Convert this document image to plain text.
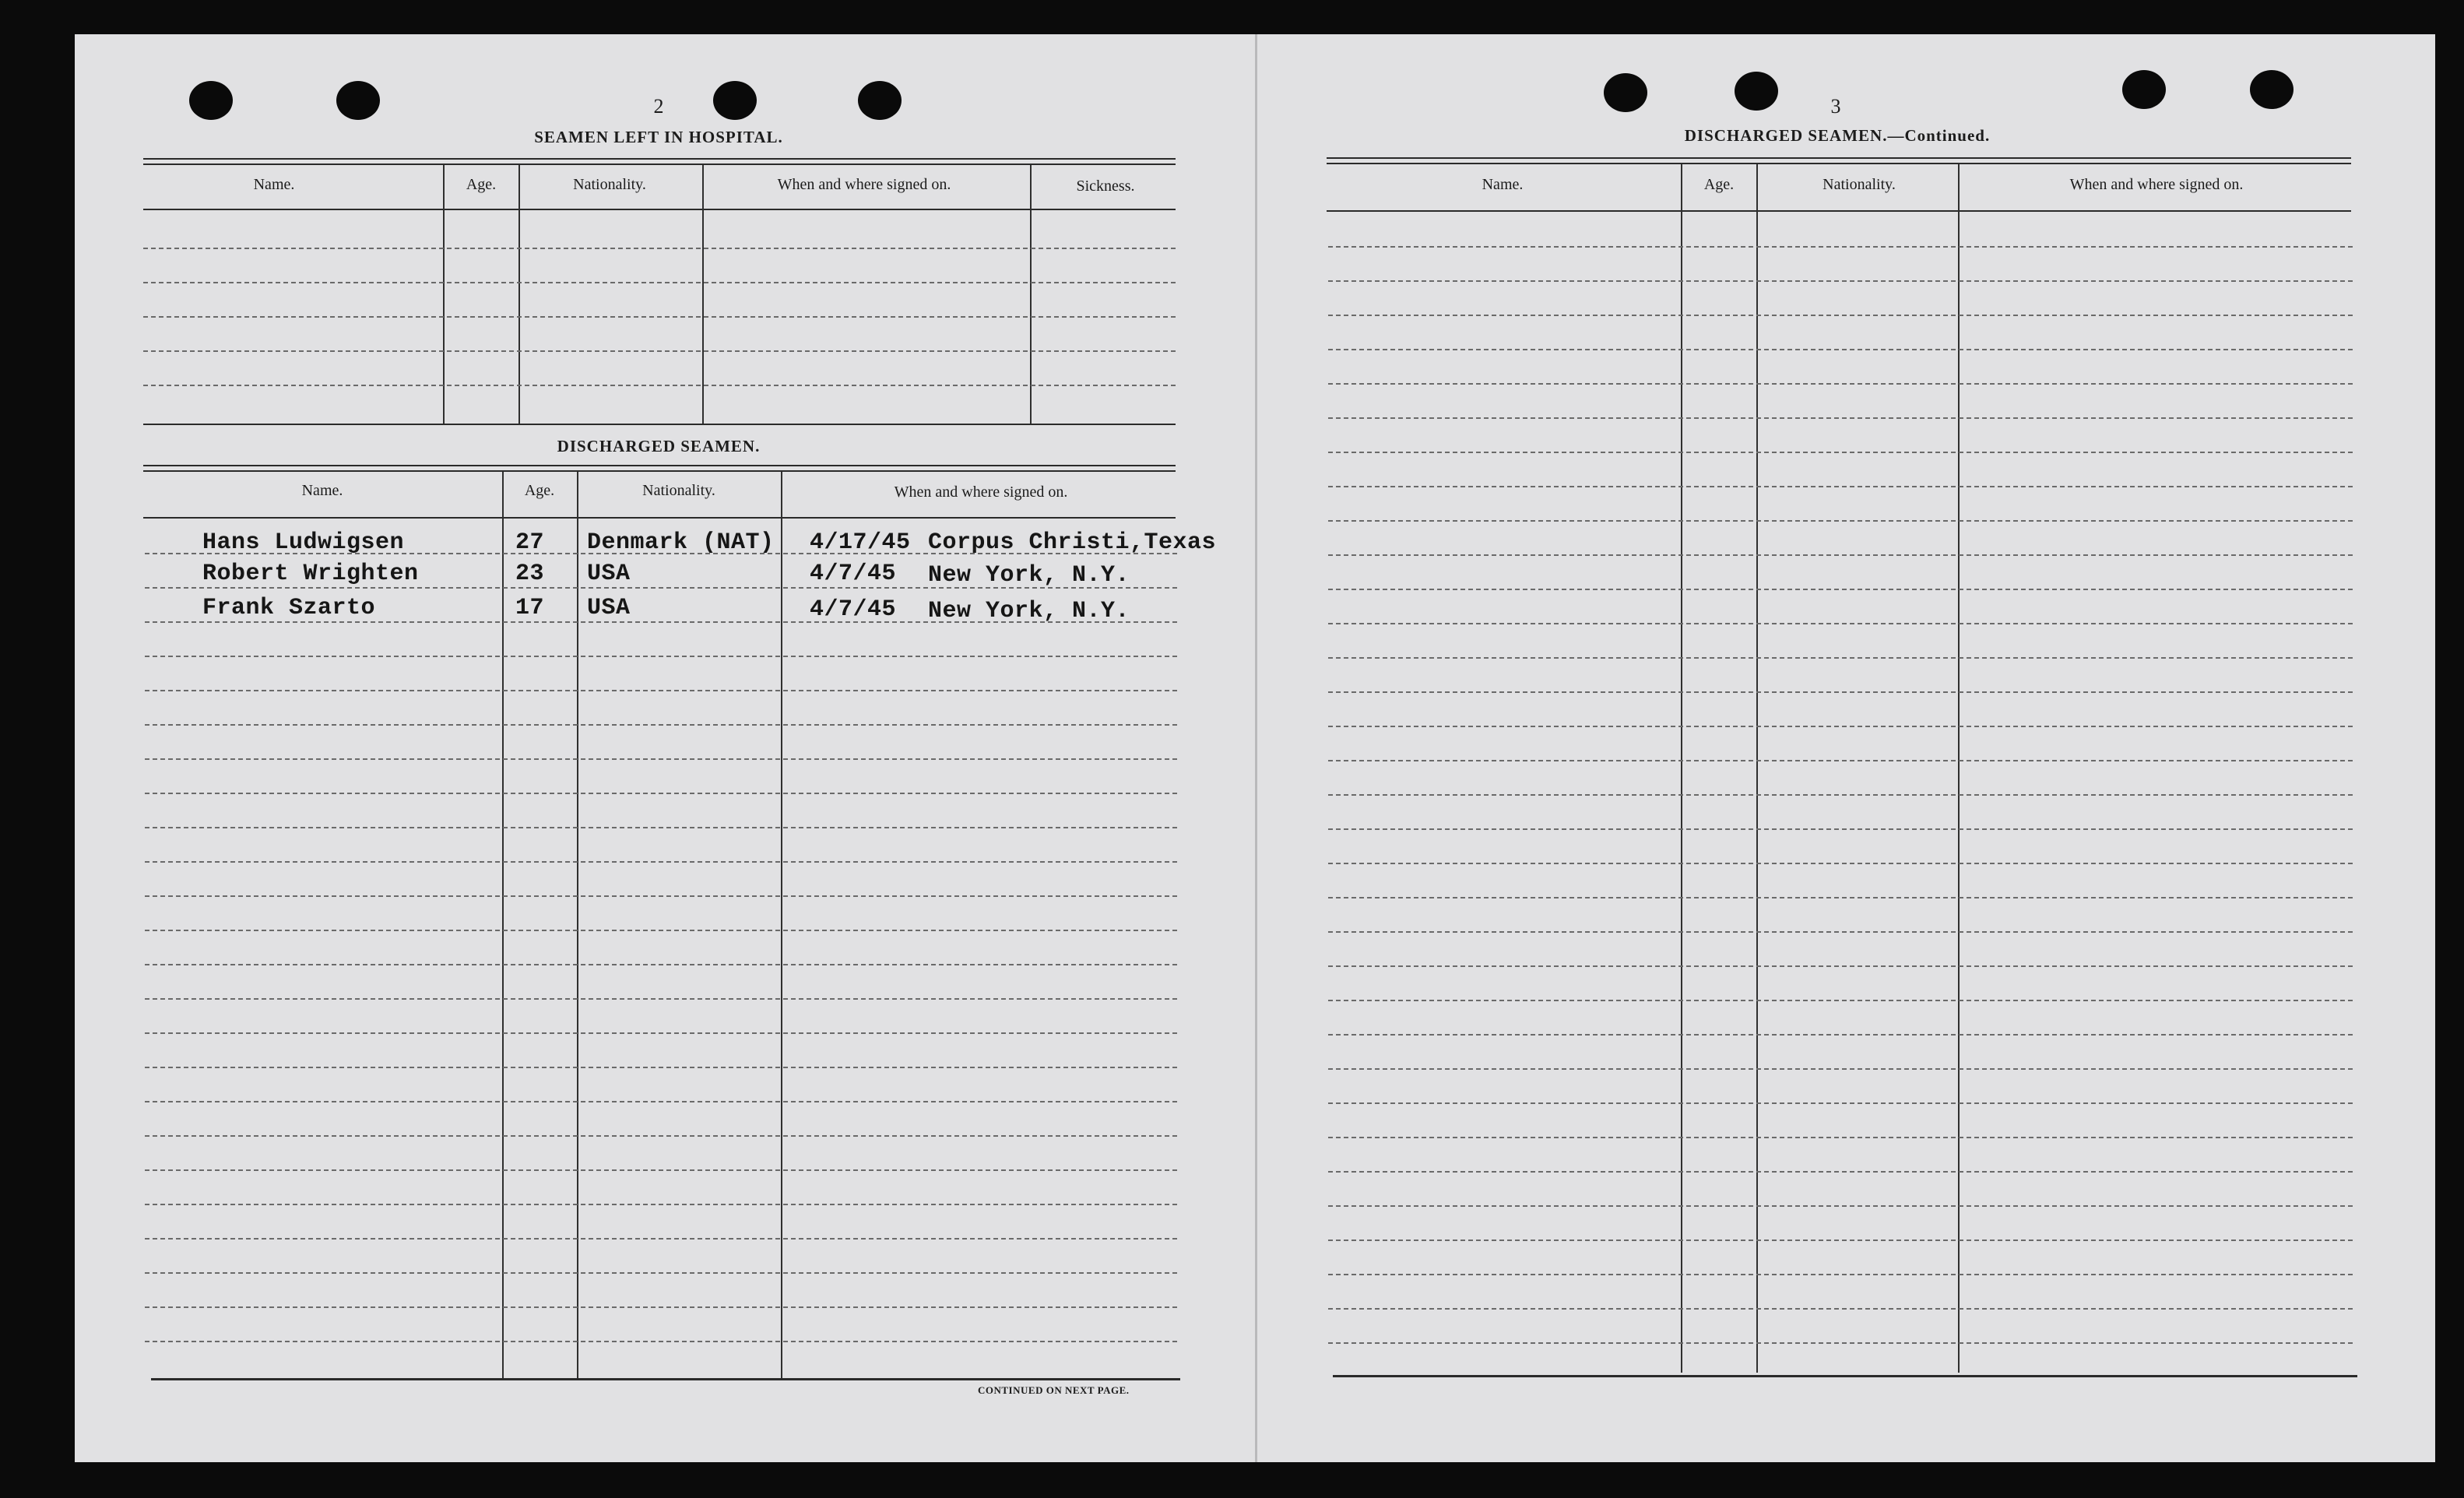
2
SEAMEN LEFT IN HOSPITAL.
Name.	Age.	Nationality.	When and where signed on.	Sickness.
DISCHARGED SEAMEN.
Name.	Age.	Nationality.	When and where signed on.
Hans Ludwigsen	27 Denmark (NAT) 4/17/45 Corpus Christi,Texas
Robert Wrighten	23 USA	4/7/45 New York, N.Y.
Frank Szarto	17 USA	4/7/45 New York, N.Y.
CONTINUED ON NEXT PAGE.
3
DISCHARGED SEAMEN.—Continued.
Name.	Age.	Nationality.	When and where signed on.
